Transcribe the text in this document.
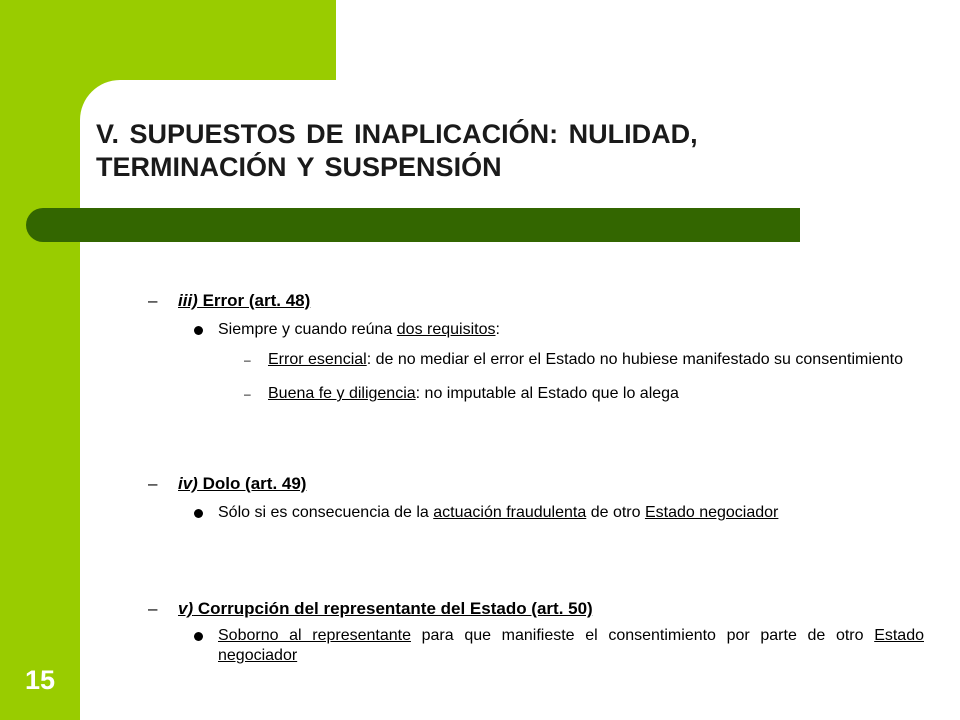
V. SUPUESTOS DE INAPLICACIÓN: NULIDAD,
TERMINACIÓN Y SUSPENSIÓN
– iii) Error (art. 48)
Siempre y cuando reúna dos requisitos:
– Error esencial: de no mediar el error el Estado no hubiese manifestado su consentimiento
– Buena fe y diligencia: no imputable al Estado que lo alega
– iv) Dolo (art. 49)
Sólo si es consecuencia de la actuación fraudulenta de otro Estado negociador
– v) Corrupción del representante del Estado (art. 50)
Soborno al representante para que manifieste el consentimiento por parte de otro Estado negociador
15
